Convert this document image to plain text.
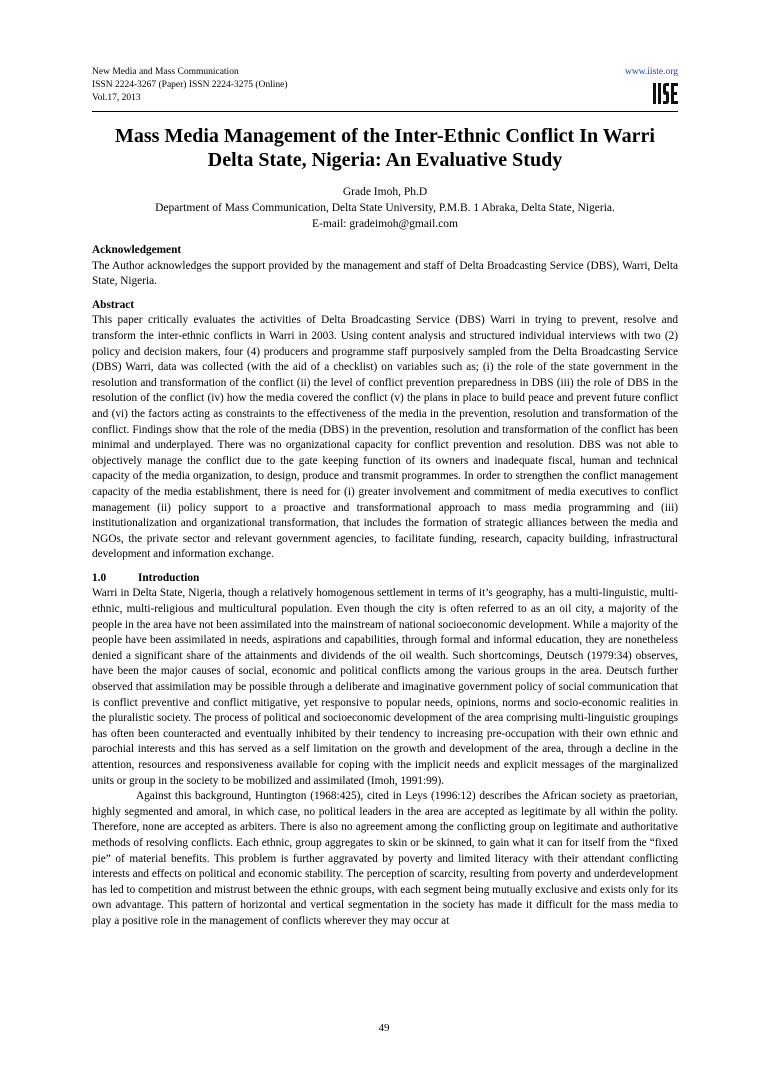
New Media and Mass Communication
ISSN 2224-3267 (Paper) ISSN 2224-3275 (Online)
Vol.17, 2013
www.iiste.org
Mass Media Management of the Inter-Ethnic Conflict In Warri Delta State, Nigeria: An Evaluative Study
Grade Imoh, Ph.D
Department of Mass Communication, Delta State University, P.M.B. 1 Abraka, Delta State, Nigeria.
E-mail: gradeimoh@gmail.com

Acknowledgement

The Author acknowledges the support provided by the management and staff of Delta Broadcasting Service (DBS), Warri, Delta State, Nigeria.

Abstract

This paper critically evaluates the activities of Delta Broadcasting Service (DBS) Warri in trying to prevent, resolve and transform the inter-ethnic conflicts in Warri in 2003. Using content analysis and structured individual interviews with two (2) policy and decision makers, four (4) producers and programme staff purposively sampled from the Delta Broadcasting Service (DBS) Warri, data was collected (with the aid of a checklist) on variables such as; (i) the role of the state government in the resolution and transformation of the conflict (ii) the level of conflict prevention preparedness in DBS (iii) the role of DBS in the resolution of the conflict (iv) how the media covered the conflict (v) the plans in place to build peace and prevent future conflict and (vi) the factors acting as constraints to the effectiveness of the media in the prevention, resolution and transformation of the conflict. Findings show that the role of the media (DBS) in the prevention, resolution and transformation of the conflict has been minimal and underplayed. There was no organizational capacity for conflict prevention and resolution. DBS was not able to objectively manage the conflict due to the gate keeping function of its owners and inadequate fiscal, human and technical capacity of the media organization, to design, produce and transmit programmes. In order to strengthen the conflict management capacity of the media establishment, there is need for (i) greater involvement and commitment of media executives to conflict management (ii) policy support to a proactive and transformational approach to mass media programming and (iii) institutionalization and organizational transformation, that includes the formation of strategic alliances between the media and NGOs, the private sector and relevant government agencies, to facilitate funding, research, capacity building, infrastructural development and information exchange.

1.0	Introduction

Warri in Delta State, Nigeria, though a relatively homogenous settlement in terms of it’s geography, has a multi-linguistic, multi-ethnic, multi-religious and multicultural population. Even though the city is often referred to as an oil city, a majority of the people in the area have not been assimilated into the mainstream of national socioeconomic development. While a majority of the people have been assimilated in needs, aspirations and capabilities, through formal and informal education, they are nonetheless denied a significant share of the attainments and dividends of the oil wealth. Such shortcomings, Deutsch (1979:34) observes, have been the major causes of social, economic and political conflicts among the various groups in the area. Deutsch further observed that assimilation may be possible through a deliberate and imaginative government policy of social communication that is conflict preventive and conflict mitigative, yet responsive to popular needs, opinions, norms and socio-economic realities in the pluralistic society. The process of political and socioeconomic development of the area comprising multi-linguistic groupings has often been counteracted and eventually inhibited by their tendency to increasing pre-occupation with their own ethnic and parochial interests and this has served as a self limitation on the growth and development of the area, through a decline in the attention, resources and responsiveness available for coping with the implicit needs and explicit messages of the marginalized units or group in the society to be mobilized and assimilated (Imoh, 1991:99).

Against this background, Huntington (1968:425), cited in Leys (1996:12) describes the African society as praetorian, highly segmented and amoral, in which case, no political leaders in the area are accepted as legitimate by all within the polity. Therefore, none are accepted as arbiters. There is also no agreement among the conflicting group on legitimate and authoritative methods of resolving conflicts. Each ethnic, group aggregates to skin or be skinned, to gain what it can for itself from the “fixed pie” of material benefits. This problem is further aggravated by poverty and limited literacy with their attendant conflicting interests and effects on political and economic stability. The perception of scarcity, resulting from poverty and underdevelopment has led to competition and mistrust between the ethnic groups, with each segment being mutually exclusive and exists only for its own advantage. This pattern of horizontal and vertical segmentation in the society has made it difficult for the mass media to play a positive role in the management of conflicts wherever they may occur at

49
